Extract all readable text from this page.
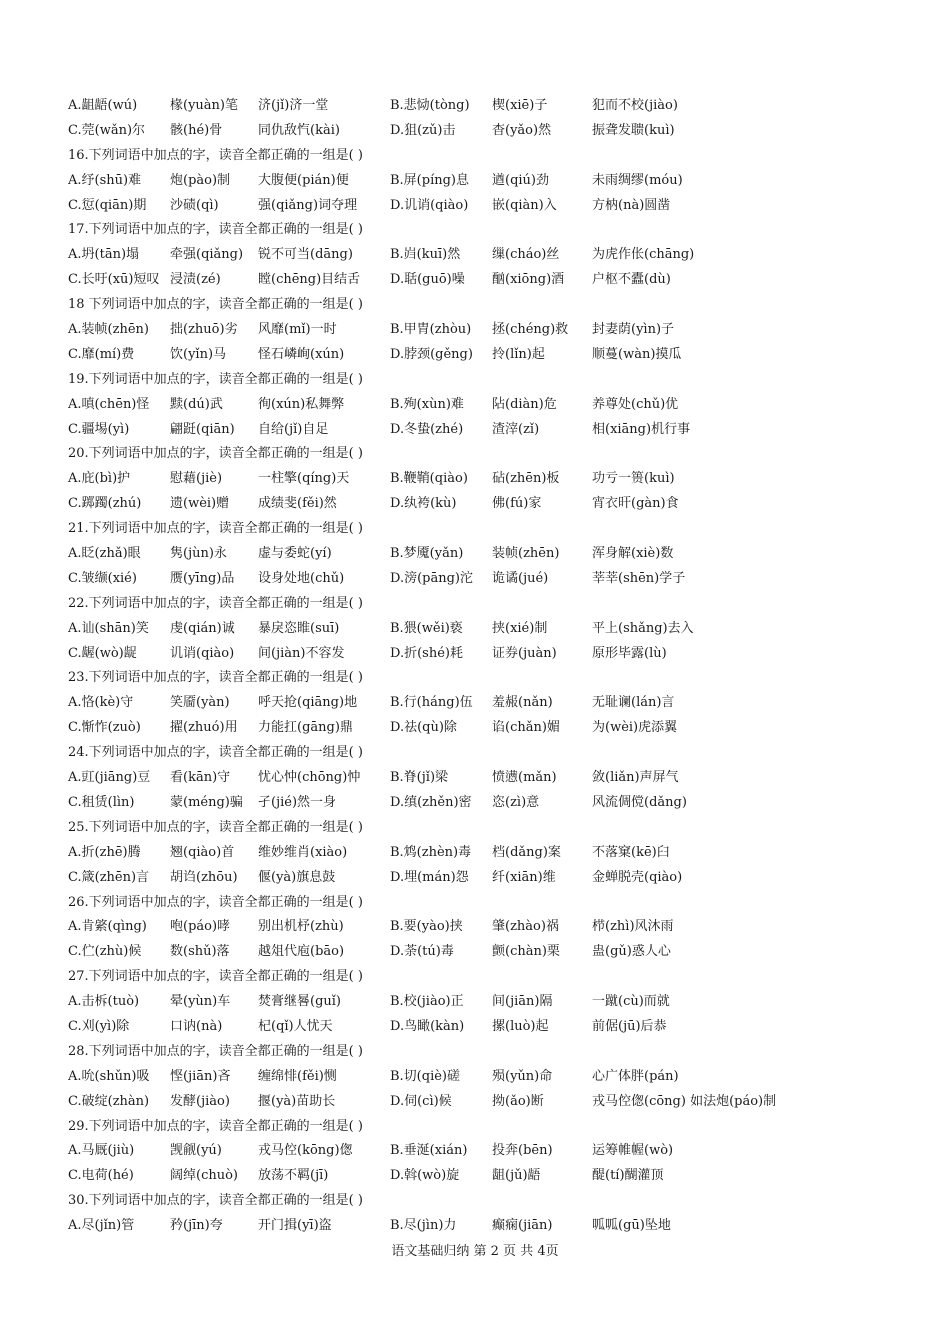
A.龃龉(wú)	椽(yuàn)笔 济(jǐ)济一堂	B.悲恸(tòng) 楔(xiē)子	犯而不校(jiào)
C.莞(wǎn)尔 骸(hé)骨	同仇敌忾(kài)	D.狙(zǔ)击	杳(yǎo)然	振聋发聩(kuì)
16.下列词语中加点的字，读音全都正确的一组是( )
A.纾(shū)难 炮(pào)制 大腹便(pián)便	B.屏(píng)息 遒(qiú)劲	未雨绸缪(móu)
C.愆(qiān)期 沙碛(qì)	强(qiǎng)词夺理	D.讥诮(qiào) 嵌(qiàn)入	方枘(nà)圆凿
17.下列词语中加点的字，读音全都正确的一组是( )
A.坍(tān)塌 牵强(qiǎng) 锐不可当(dāng)	B.岿(kuī)然 缫(cháo)丝	为虎作伥(chāng)
C.长吁(xū)短叹 浸渍(zé)	瞠(chēng)目结舌 D.聒(guō)噪 酗(xiōng)酒 户枢不蠹(dù)
18 下列词语中加点的字，读音全都正确的一组是( )
A.装帧(zhēn) 拙(zhuō)劣 风靡(mǐ)一时	B.甲胄(zhòu) 拯(chéng)救 封妻荫(yìn)子
C.靡(mí)费	饮(yǐn)马 怪石嶙峋(xún)	D.脖颈(gěng) 拎(lǐn)起	顺蔓(wàn)摸瓜
19.下列词语中加点的字，读音全都正确的一组是( )
A.嗔(chēn)怪 黩(dú)武	徇(xún)私舞弊	B.殉(xùn)难 阽(diàn)危	养尊处(chǔ)优
C.疆埸(yì)	翩跹(qiān) 自给(jǐ)自足	D.冬蛰(zhé) 渣滓(zǐ)	相(xiāng)机行事
20.下列词语中加点的字，读音全都正确的一组是( )
A.庇(bì)护	慰藉(jiè)	一柱擎(qíng)天	B.鞭鞘(qiào) 砧(zhēn)板	功亏一篑(kuì)
C.踯躅(zhú) 遗(wèi)赠 成绩斐(fěi)然	D.纨袴(kù)	佛(fú)家	宵衣旰(gàn)食
21.下列词语中加点的字，读音全都正确的一组是( )
A.眨(zhǎ)眼 隽(jùn)永 虚与委蛇(yí)	B.梦魇(yǎn) 装帧(zhēn)	浑身解(xiè)数
C.皱缬(xié)	赝(yīng)品 设身处地(chǔ)	D.滂(pāng)沱 诡谲(jué)	莘莘(shēn)学子
22.下列词语中加点的字，读音全都正确的一组是( )
A.讪(shān)笑 虔(qián)诚 暴戾恣睢(suī)	B.猥(wěi)亵 挟(xié)制	平上(shǎng)去入
C.龌(wò)龊	讥诮(qiào) 间(jiàn)不容发	D.折(shé)耗 证券(juàn)	原形毕露(lù)
23.下列词语中加点的字，读音全都正确的一组是( )
A.恪(kè)守	笑靥(yàn) 呼天抢(qiāng)地	B.行(háng)伍 羞赧(nǎn)	无耻谰(lán)言
C.惭怍(zuò) 擢(zhuó)用 力能扛(gāng)鼎	D.祛(qù)除	谄(chǎn)媚 为(wèi)虎添翼
24.下列词语中加点的字，读音全都正确的一组是( )
A.豇(jiāng)豆 看(kān)守 忧心忡(chōng)忡 B.脊(jǐ)梁	愤懑(mǎn)	敛(liǎn)声屏气
C.租赁(lìn)	蒙(méng)骗 孑(jié)然一身	D.缜(zhěn)密 恣(zì)意	风流倜傥(dǎng)
25.下列词语中加点的字，读音全都正确的一组是( )
A.折(zhē)腾 翘(qiào)首 维妙维肖(xiào)	B.鸩(zhèn)毒 档(dǎng)案 不落窠(kē)臼
C.箴(zhēn)言 胡诌(zhōu) 偃(yà)旗息鼓	D.埋(mán)怨 纤(xiān)维	金蝉脱壳(qiào)
26.下列词语中加点的字，读音全都正确的一组是( )
A.肯綮(qìng) 咆(páo)哮 别出机杼(zhù)	B.要(yào)挟 肇(zhào)祸	栉(zhì)风沐雨
C.伫(zhù)候 数(shǔ)落 越俎代庖(bāo)	D.荼(tú)毒	颤(chàn)栗 蛊(gǔ)惑人心
27.下列词语中加点的字，读音全都正确的一组是( )
A.击柝(tuò) 晕(yùn)车 焚膏继晷(guǐ)	B.校(jiào)正 间(jiān)隔	一蹴(cù)而就
C.刈(yì)除	口讷(nà)	杞(qǐ)人忧天	D.鸟瞰(kàn) 摞(luò)起	前倨(jū)后恭
28.下列词语中加点的字，读音全都正确的一组是( )
A.吮(shǔn)吸 悭(jiān)吝 缠绵悱(fěi)恻	B.切(qiè)磋 殒(yǔn)命	心广体胖(pán)
C.破绽(zhàn) 发酵(jiào) 揠(yà)苗助长	D.伺(cì)候	拗(ǎo)断	戎马倥偬(cōng) 如法炮(páo)制
29.下列词语中加点的字，读音全都正确的一组是( )
A.马厩(jiù)	觊觎(yú)	戎马倥(kōng)偬	B.垂涎(xián) 投奔(bēn)	运筹帷幄(wò)
C.电荷(hé)	阔绰(chuò) 放荡不羁(jī)	D.斡(wò)旋	龃(jǔ)龉	醍(tí)醐灌顶
30.下列词语中加点的字，读音全都正确的一组是( )
A.尽(jǐn)管	矜(jīn)夸	开门揖(yī)盗	B.尽(jìn)力	癫痫(jiān)	呱呱(gū)坠地
语文基础归纳 第 2 页 共 4页
